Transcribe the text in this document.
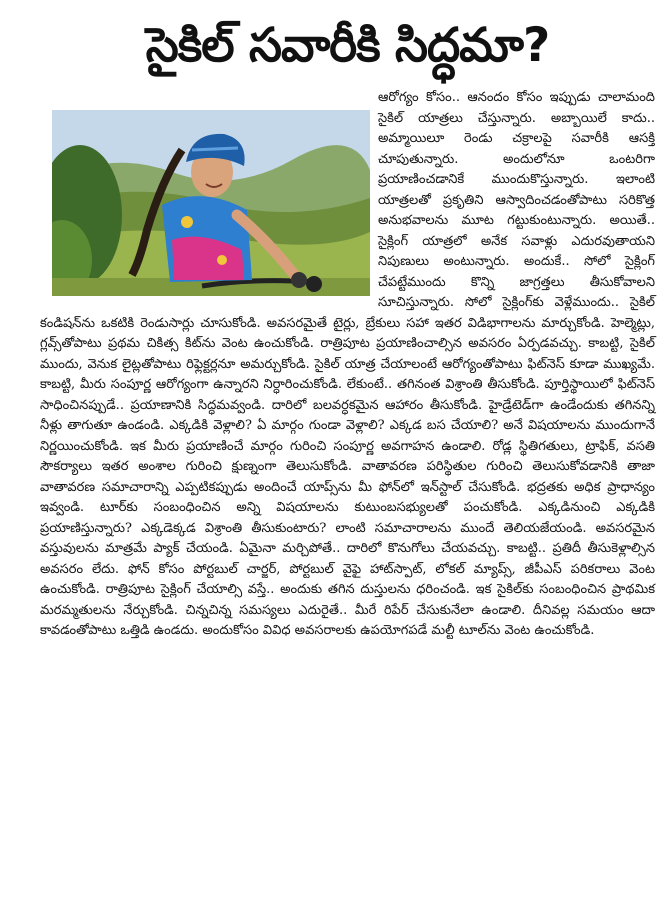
సైకిల్ సవారీకి సిద్ధమా?

ఆరోగ్యం కోసం.. ఆనందం కోసం ఇప్పుడు చాలామంది సైకిల్ యాత్రలు చేస్తున్నారు. అబ్బాయిలే కాదు.. అమ్మాయిలూ రెండు చక్రాలపై సవారీకి ఆసక్తి చూపుతున్నారు. అందులోనూ ఒంటరిగా ప్రయాణించడానికే ముందుకొస్తున్నారు. ఇలాంటి యాత్రలతో ప్రకృతిని ఆస్వాదించడంతోపాటు సరికొత్త అనుభవాలను మూట గట్టుకుంటున్నారు. అయితే.. సైక్లింగ్ యాత్రలో అనేక సవాళ్లు ఎదురవుతాయని నిపుణులు అంటున్నారు. అందుకే.. సోలో సైక్లింగ్ చేపట్టేముందు కొన్ని జాగ్రత్తలు తీసుకోవాలని సూచిస్తున్నారు. సోలో సైక్లింగ్‌కు వెళ్లేముందు.. సైకిల్ కండిషన్‌ను ఒకటికి రెండుసార్లు చూసుకోండి. అవసరమైతే టైర్లు, బ్రేకులు సహా ఇతర విడిభాగాలను మార్చుకోండి. హెల్మెట్లు, గ్లవ్స్‌తోపాటు ప్రథమ చికిత్స కిట్‌ను వెంట ఉంచుకోండి. రాత్రిపూట ప్రయాణించాల్సిన అవసరం ఏర్పడవచ్చు. కాబట్టి, సైకిల్ ముందు, వెనుక లైట్లతోపాటు రిఫ్లెక్టర్లనూ అమర్చుకోండి. సైకిల్ యాత్ర చేయాలంటే ఆరోగ్యంతోపాటు ఫిట్‌నెస్ కూడా ముఖ్యమే. కాబట్టి, మీరు సంపూర్ణ ఆరోగ్యంగా ఉన్నారని నిర్ధారించుకోండి. లేకుంటే.. తగినంత విశ్రాంతి తీసుకోండి. పూర్తిస్థాయిలో ఫిట్‌నెస్ సాధించినప్పుడే.. ప్రయాణానికి సిద్ధమవ్వండి. దారిలో బలవర్ధకమైన ఆహారం తీసుకోండి. హైడ్రేటెడ్‌గా ఉండేందుకు తగినన్ని నీళ్లు తాగుతూ ఉండండి. ఎక్కడికి వెళ్లాలి? ఏ మార్గం గుండా వెళ్లాలి? ఎక్కడ బస చేయాలి? అనే విషయాలను ముందుగానే నిర్ణయించుకోండి. ఇక మీరు ప్రయాణించే మార్గం గురించి సంపూర్ణ అవగాహన ఉండాలి. రోడ్ల స్థితిగతులు, ట్రాఫిక్, వసతి సౌకర్యాలు ఇతర అంశాల గురించి క్షుణ్నంగా తెలుసుకోండి. వాతావరణ పరిస్థితుల గురించి తెలుసుకోవడానికి తాజా వాతావరణ సమాచారాన్ని ఎప్పటికప్పుడు అందించే యాప్స్‌ను మీ ఫోన్‌లో ఇన్‌స్టాల్ చేసుకోండి. భద్రతకు అధిక ప్రాధాన్యం ఇవ్వండి. టూర్‌కు సంబంధించిన అన్ని విషయాలను కుటుంబసభ్యులతో పంచుకోండి. ఎక్కడినుంచి ఎక్కడికి ప్రయాణిస్తున్నారు? ఎక్కడెక్కడ విశ్రాంతి తీసుకుంటారు? లాంటి సమాచారాలను ముందే తెలియజేయండి. అవసరమైన వస్తువులను మాత్రమే ప్యాక్ చేయండి. ఏమైనా మర్చిపోతే.. దారిలో కొనుగోలు చేయవచ్చు. కాబట్టి.. ప్రతిదీ తీసుకెళ్లాల్సిన అవసరం లేదు. ఫోన్ కోసం పోర్టబుల్ చార్జర్, పోర్టబుల్ వైఫై హాట్‌స్పాట్, లోకల్ మ్యాప్స్, జీపీఎస్ పరికరాలు వెంట ఉంచుకోండి. రాత్రిపూట సైక్లింగ్ చేయాల్సి వస్తే.. అందుకు తగిన దుస్తులను ధరించండి. ఇక సైకిల్‌కు సంబంధించిన ప్రాథమిక మరమ్మతులను నేర్చుకోండి. చిన్నచిన్న సమస్యలు ఎదురైతే.. మీరే రిపేర్ చేసుకునేలా ఉండాలి. దీనివల్ల సమయం ఆదా కావడంతోపాటు ఒత్తిడి ఉండదు. అందుకోసం వివిధ అవసరాలకు ఉపయోగపడే మల్టీ టూల్‌ను వెంట ఉంచుకోండి.
